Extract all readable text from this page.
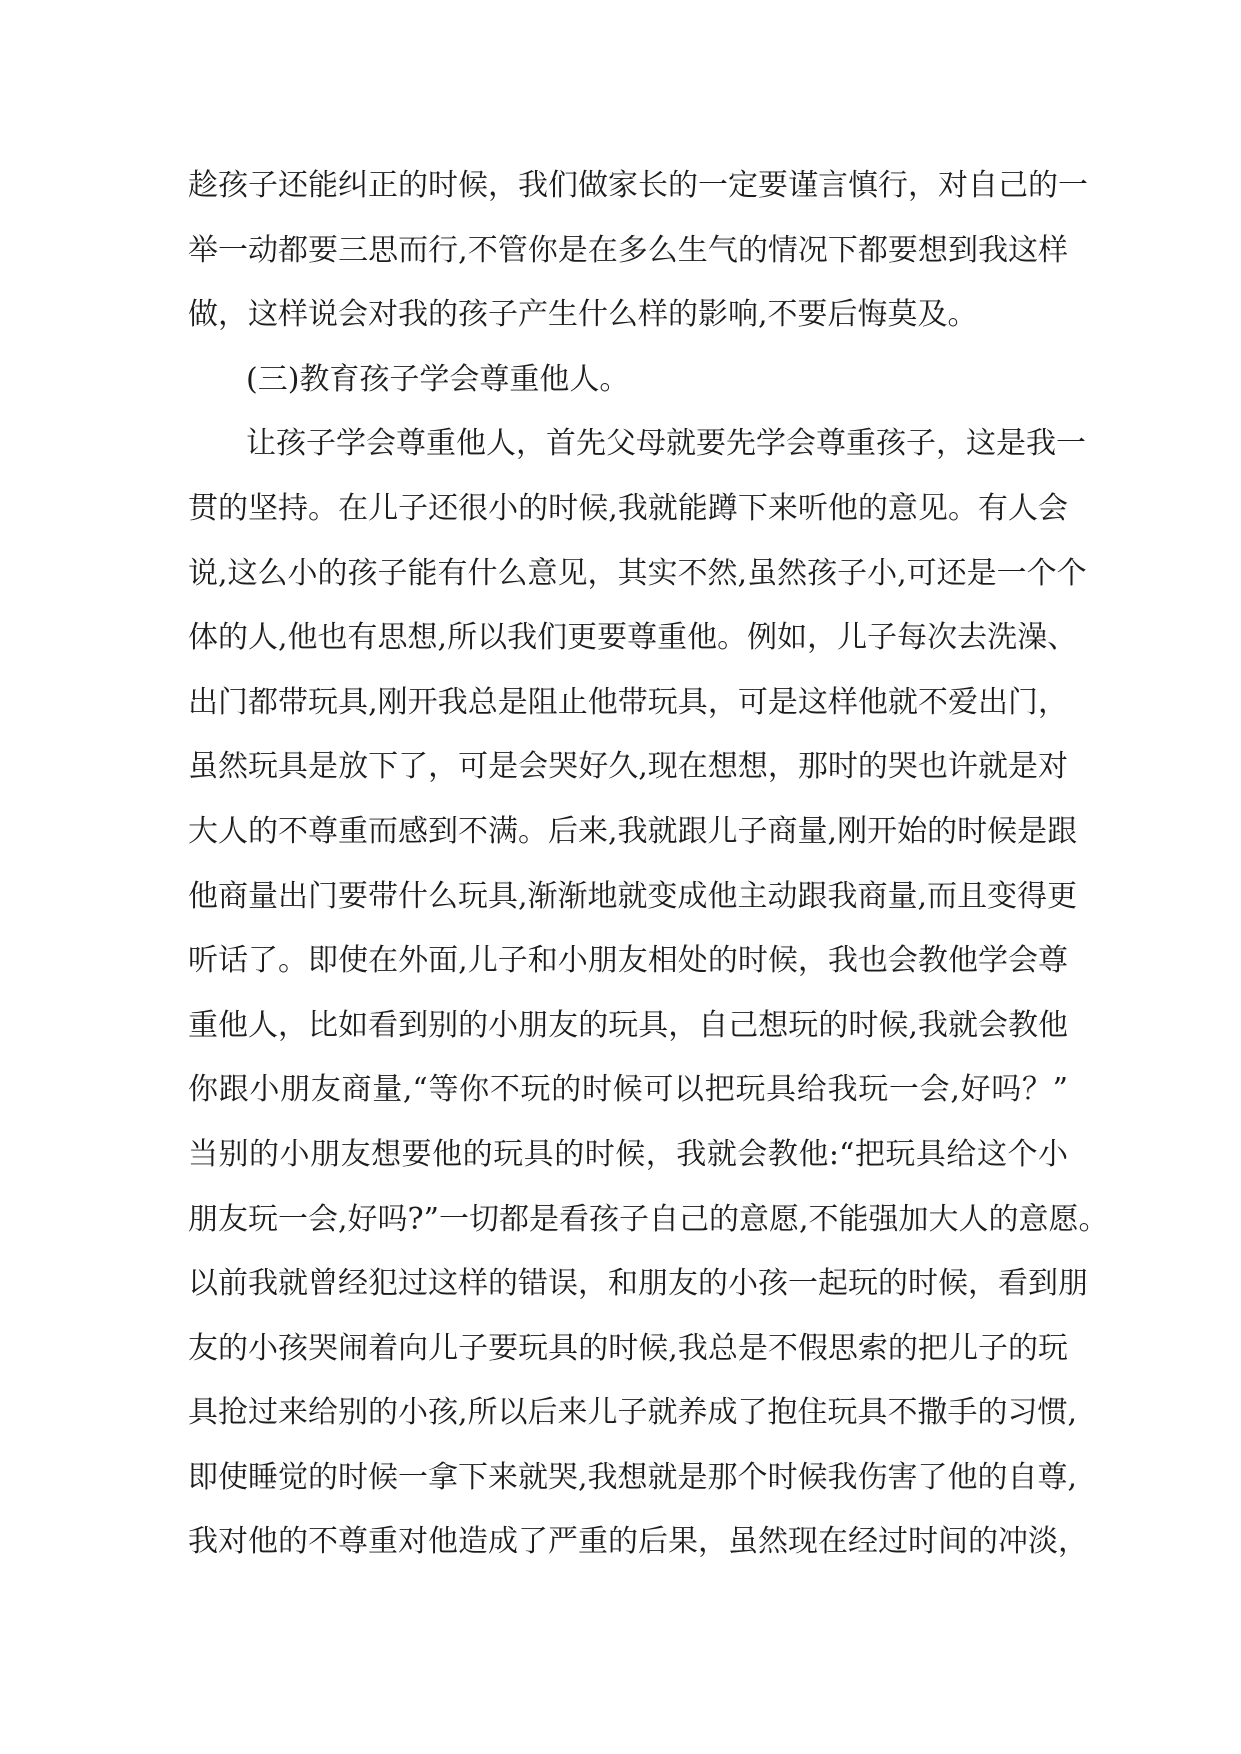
趁孩子还能纠正的时候，我们做家长的一定要谨言慎行，对自己的一
举一动都要三思而行,不管你是在多么生气的情况下都要想到我这样
做，这样说会对我的孩子产生什么样的影响,不要后悔莫及。
(三)教育孩子学会尊重他人。
让孩子学会尊重他人，首先父母就要先学会尊重孩子，这是我一
贯的坚持。在儿子还很小的时候,我就能蹲下来听他的意见。有人会
说,这么小的孩子能有什么意见，其实不然,虽然孩子小,可还是一个个
体的人,他也有思想,所以我们更要尊重他。例如，儿子每次去洗澡、
出门都带玩具,刚开我总是阻止他带玩具，可是这样他就不爱出门，
虽然玩具是放下了，可是会哭好久,现在想想，那时的哭也许就是对
大人的不尊重而感到不满。后来,我就跟儿子商量,刚开始的时候是跟
他商量出门要带什么玩具,渐渐地就变成他主动跟我商量,而且变得更
听话了。即使在外面,儿子和小朋友相处的时候，我也会教他学会尊
重他人，比如看到别的小朋友的玩具，自己想玩的时候,我就会教他
你跟小朋友商量,“等你不玩的时候可以把玩具给我玩一会,好吗？”
当别的小朋友想要他的玩具的时候，我就会教他:“把玩具给这个小
朋友玩一会,好吗?”一切都是看孩子自己的意愿,不能强加大人的意愿。
以前我就曾经犯过这样的错误，和朋友的小孩一起玩的时候，看到朋
友的小孩哭闹着向儿子要玩具的时候,我总是不假思索的把儿子的玩
具抢过来给别的小孩,所以后来儿子就养成了抱住玩具不撒手的习惯,
即使睡觉的时候一拿下来就哭,我想就是那个时候我伤害了他的自尊,
我对他的不尊重对他造成了严重的后果，虽然现在经过时间的冲淡，
